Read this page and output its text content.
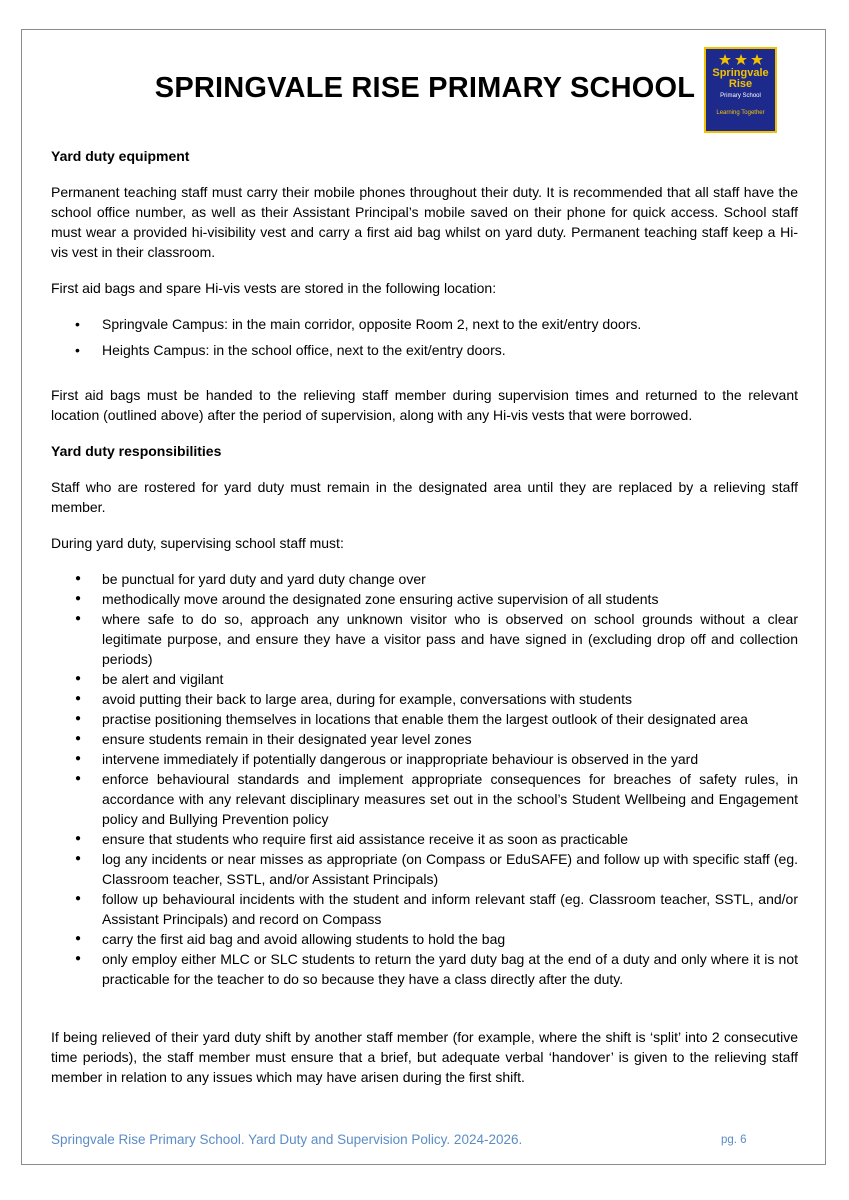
SPRINGVALE RISE PRIMARY SCHOOL	Springvale
Rise
Primary School
Learning Together
Yard duty equipment

Permanent teaching staff must carry their mobile phones throughout their duty. It is recommended that all staff have the school office number, as well as their Assistant Principal’s mobile saved on their phone for quick access. School staff must wear a provided hi-visibility vest and carry a first aid bag whilst on yard duty. Permanent teaching staff keep a Hi-vis vest in their classroom.

First aid bags and spare Hi-vis vests are stored in the following location:

• Springvale Campus: in the main corridor, opposite Room 2, next to the exit/entry doors.
• Heights Campus: in the school office, next to the exit/entry doors.

First aid bags must be handed to the relieving staff member during supervision times and returned to the relevant location (outlined above) after the period of supervision, along with any Hi-vis vests that were borrowed.

Yard duty responsibilities

Staff who are rostered for yard duty must remain in the designated area until they are replaced by a relieving staff member.

During yard duty, supervising school staff must:

● be punctual for yard duty and yard duty change over
● methodically move around the designated zone ensuring active supervision of all students
● where safe to do so, approach any unknown visitor who is observed on school grounds without a clear legitimate purpose, and ensure they have a visitor pass and have signed in (excluding drop off and collection periods)
● be alert and vigilant
● avoid putting their back to large area, during for example, conversations with students
● practise positioning themselves in locations that enable them the largest outlook of their designated area
● ensure students remain in their designated year level zones
● intervene immediately if potentially dangerous or inappropriate behaviour is observed in the yard
● enforce behavioural standards and implement appropriate consequences for breaches of safety rules, in accordance with any relevant disciplinary measures set out in the school’s Student Wellbeing and Engagement policy and Bullying Prevention policy
● ensure that students who require first aid assistance receive it as soon as practicable
● log any incidents or near misses as appropriate (on Compass or EduSAFE) and follow up with specific staff (eg. Classroom teacher, SSTL, and/or Assistant Principals)
● follow up behavioural incidents with the student and inform relevant staff (eg. Classroom teacher, SSTL, and/or Assistant Principals) and record on Compass
● carry the first aid bag and avoid allowing students to hold the bag
● only employ either MLC or SLC students to return the yard duty bag at the end of a duty and only where it is not practicable for the teacher to do so because they have a class directly after the duty.

If being relieved of their yard duty shift by another staff member (for example, where the shift is ‘split’ into 2 consecutive time periods), the staff member must ensure that a brief, but adequate verbal ‘handover’ is given to the relieving staff member in relation to any issues which may have arisen during the first shift.

Springvale Rise Primary School. Yard Duty and Supervision Policy. 2024-2026.	pg. 6
